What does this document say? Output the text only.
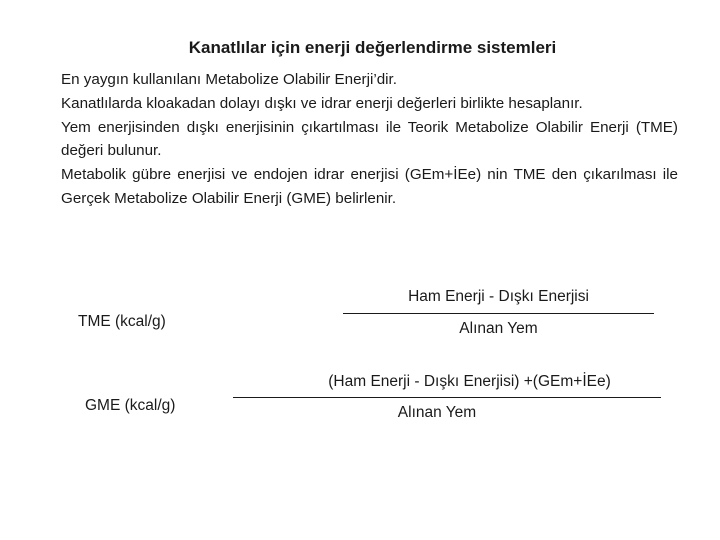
Kanatlılar için enerji değerlendirme sistemleri

En yaygın kullanılanı Metabolize Olabilir Enerji’dir.

Kanatlılarda kloakadan dolayı dışkı ve idrar enerji değerleri birlikte hesaplanır.

Yem enerjisinden dışkı enerjisinin çıkartılması ile Teorik Metabolize Olabilir Enerji (TME) değeri bulunur.

Metabolik gübre enerjisi ve endojen idrar enerjisi (GEm+İEe) nin TME den çıkarılması ile Gerçek Metabolize Olabilir Enerji (GME) belirlenir.

TME (kcal/g)
Ham Enerji - Dışkı Enerjisi
Alınan Yem
GME (kcal/g)
(Ham Enerji - Dışkı Enerjisi) +(GEm+İEe)
Alınan Yem
